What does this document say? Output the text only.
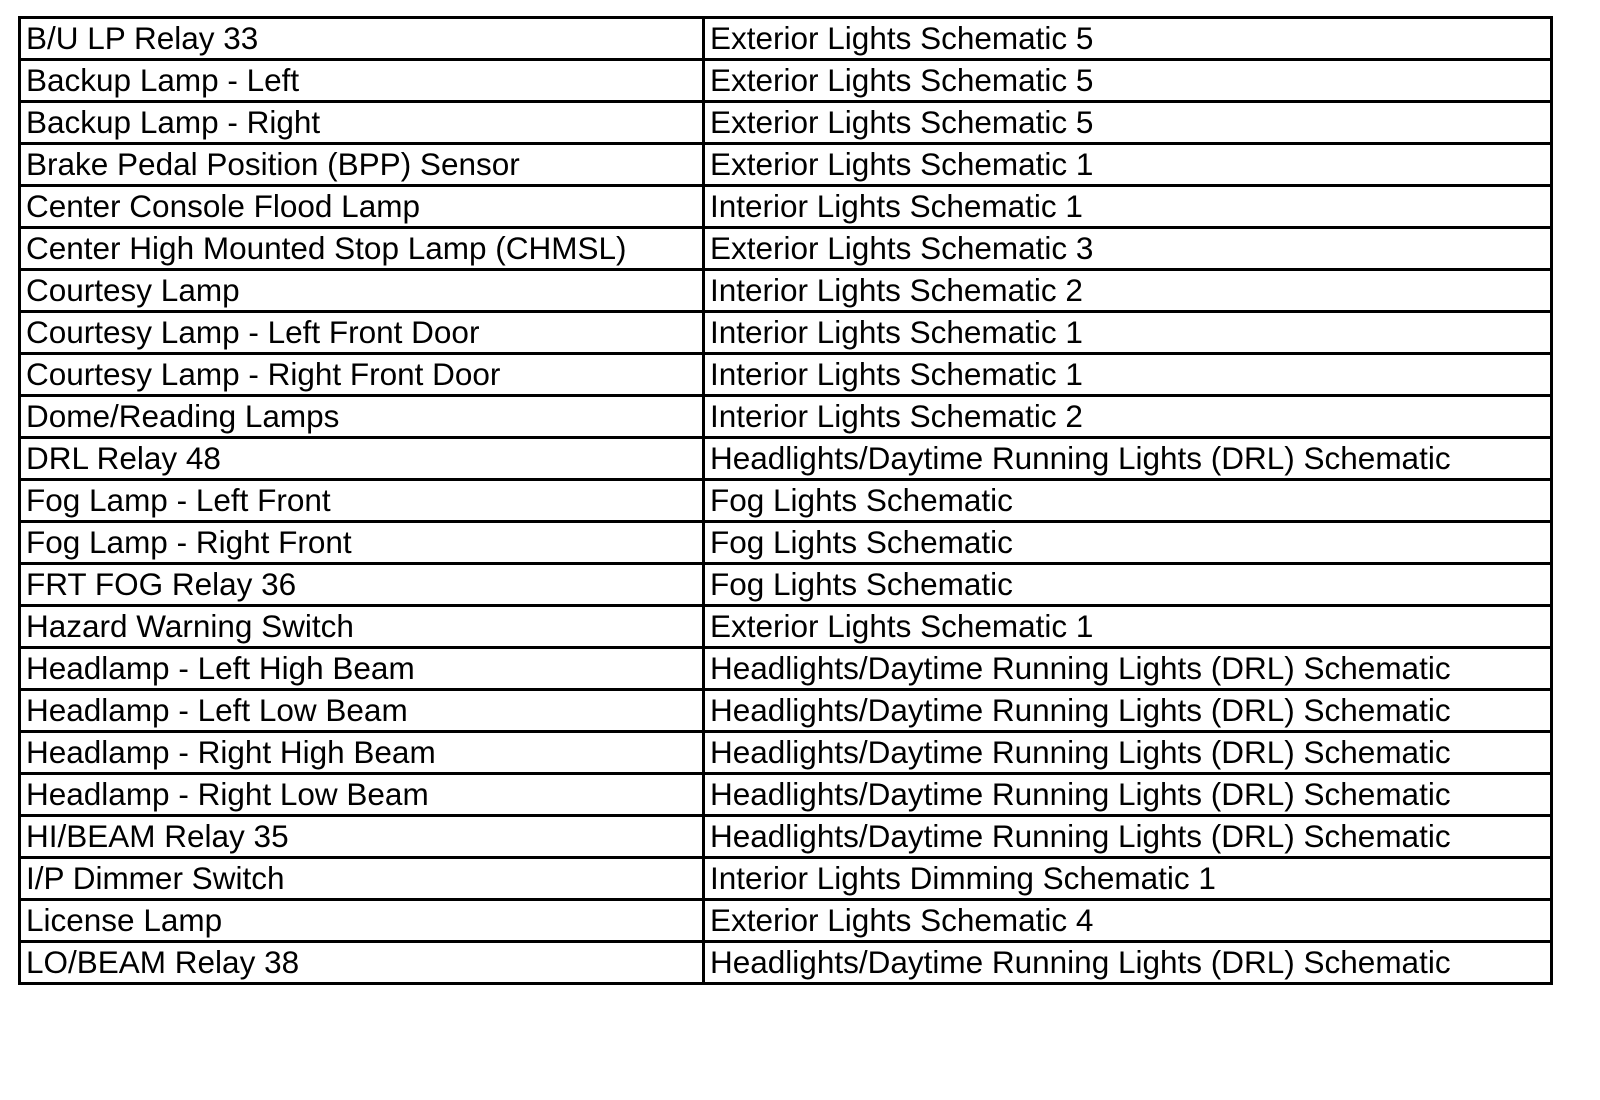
B/U LP Relay 33	Exterior Lights Schematic 5
Backup Lamp - Left	Exterior Lights Schematic 5
Backup Lamp - Right	Exterior Lights Schematic 5
Brake Pedal Position (BPP) Sensor	Exterior Lights Schematic 1
Center Console Flood Lamp	Interior Lights Schematic 1
Center High Mounted Stop Lamp (CHMSL)	Exterior Lights Schematic 3
Courtesy Lamp	Interior Lights Schematic 2
Courtesy Lamp - Left Front Door	Interior Lights Schematic 1
Courtesy Lamp - Right Front Door	Interior Lights Schematic 1
Dome/Reading Lamps	Interior Lights Schematic 2
DRL Relay 48	Headlights/Daytime Running Lights (DRL) Schematic
Fog Lamp - Left Front	Fog Lights Schematic
Fog Lamp - Right Front	Fog Lights Schematic
FRT FOG Relay 36	Fog Lights Schematic
Hazard Warning Switch	Exterior Lights Schematic 1
Headlamp - Left High Beam	Headlights/Daytime Running Lights (DRL) Schematic
Headlamp - Left Low Beam	Headlights/Daytime Running Lights (DRL) Schematic
Headlamp - Right High Beam	Headlights/Daytime Running Lights (DRL) Schematic
Headlamp - Right Low Beam	Headlights/Daytime Running Lights (DRL) Schematic
HI/BEAM Relay 35	Headlights/Daytime Running Lights (DRL) Schematic
I/P Dimmer Switch	Interior Lights Dimming Schematic 1
License Lamp	Exterior Lights Schematic 4
LO/BEAM Relay 38	Headlights/Daytime Running Lights (DRL) Schematic
